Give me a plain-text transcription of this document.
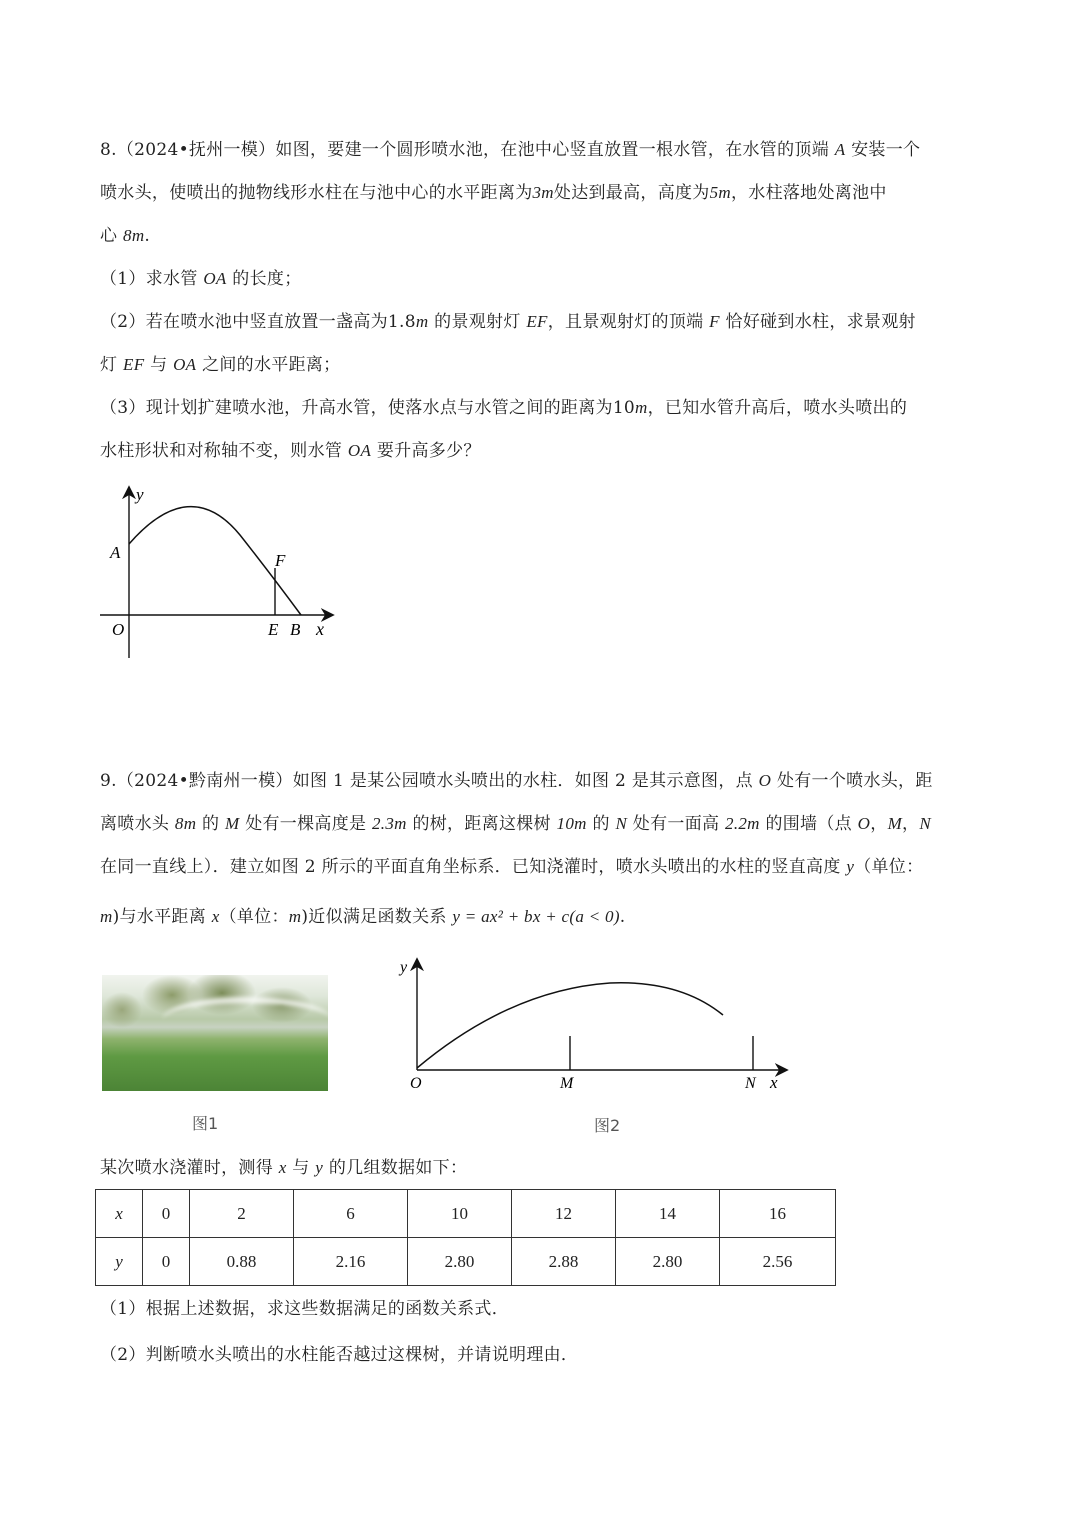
8.（2024•抚州一模）如图，要建一个圆形喷水池，在池中心竖直放置一根水管，在水管的顶端 A 安装一个
喷水头，使喷出的抛物线形水柱在与池中心的水平距离为3m处达到最高，高度为5m，水柱落地处离池中
心 8m.
（1）求水管 OA 的长度；
（2）若在喷水池中竖直放置一盏高为1.8m 的景观射灯 EF，且景观射灯的顶端 F 恰好碰到水柱，求景观射
灯 EF 与 OA 之间的水平距离；
（3）现计划扩建喷水池，升高水管，使落水点与水管之间的距离为10m，已知水管升高后，喷水头喷出的
水柱形状和对称轴不变，则水管 OA 要升高多少？
y
A	F
O	E B x
9.（2024•黔南州一模）如图 1 是某公园喷水头喷出的水柱．如图 2 是其示意图，点 O 处有一个喷水头，距
离喷水头 8m 的 M 处有一棵高度是 2.3m 的树，距离这棵树 10m 的 N 处有一面高 2.2m 的围墙（点 O，M，N
在同一直线上）．建立如图 2 所示的平面直角坐标系．已知浇灌时，喷水头喷出的水柱的竖直高度 y（单位：
m)与水平距离 x（单位：m)近似满足函数关系 y = ax² + bx + c(a < 0).
图1
y
O	M	N x
图2
某次喷水浇灌时，测得 x 与 y 的几组数据如下：
x	0	2	6	10	12	14	16
y	0	0.88	2.16	2.80	2.88	2.80	2.56
（1）根据上述数据，求这些数据满足的函数关系式．
（2）判断喷水头喷出的水柱能否越过这棵树，并请说明理由．
